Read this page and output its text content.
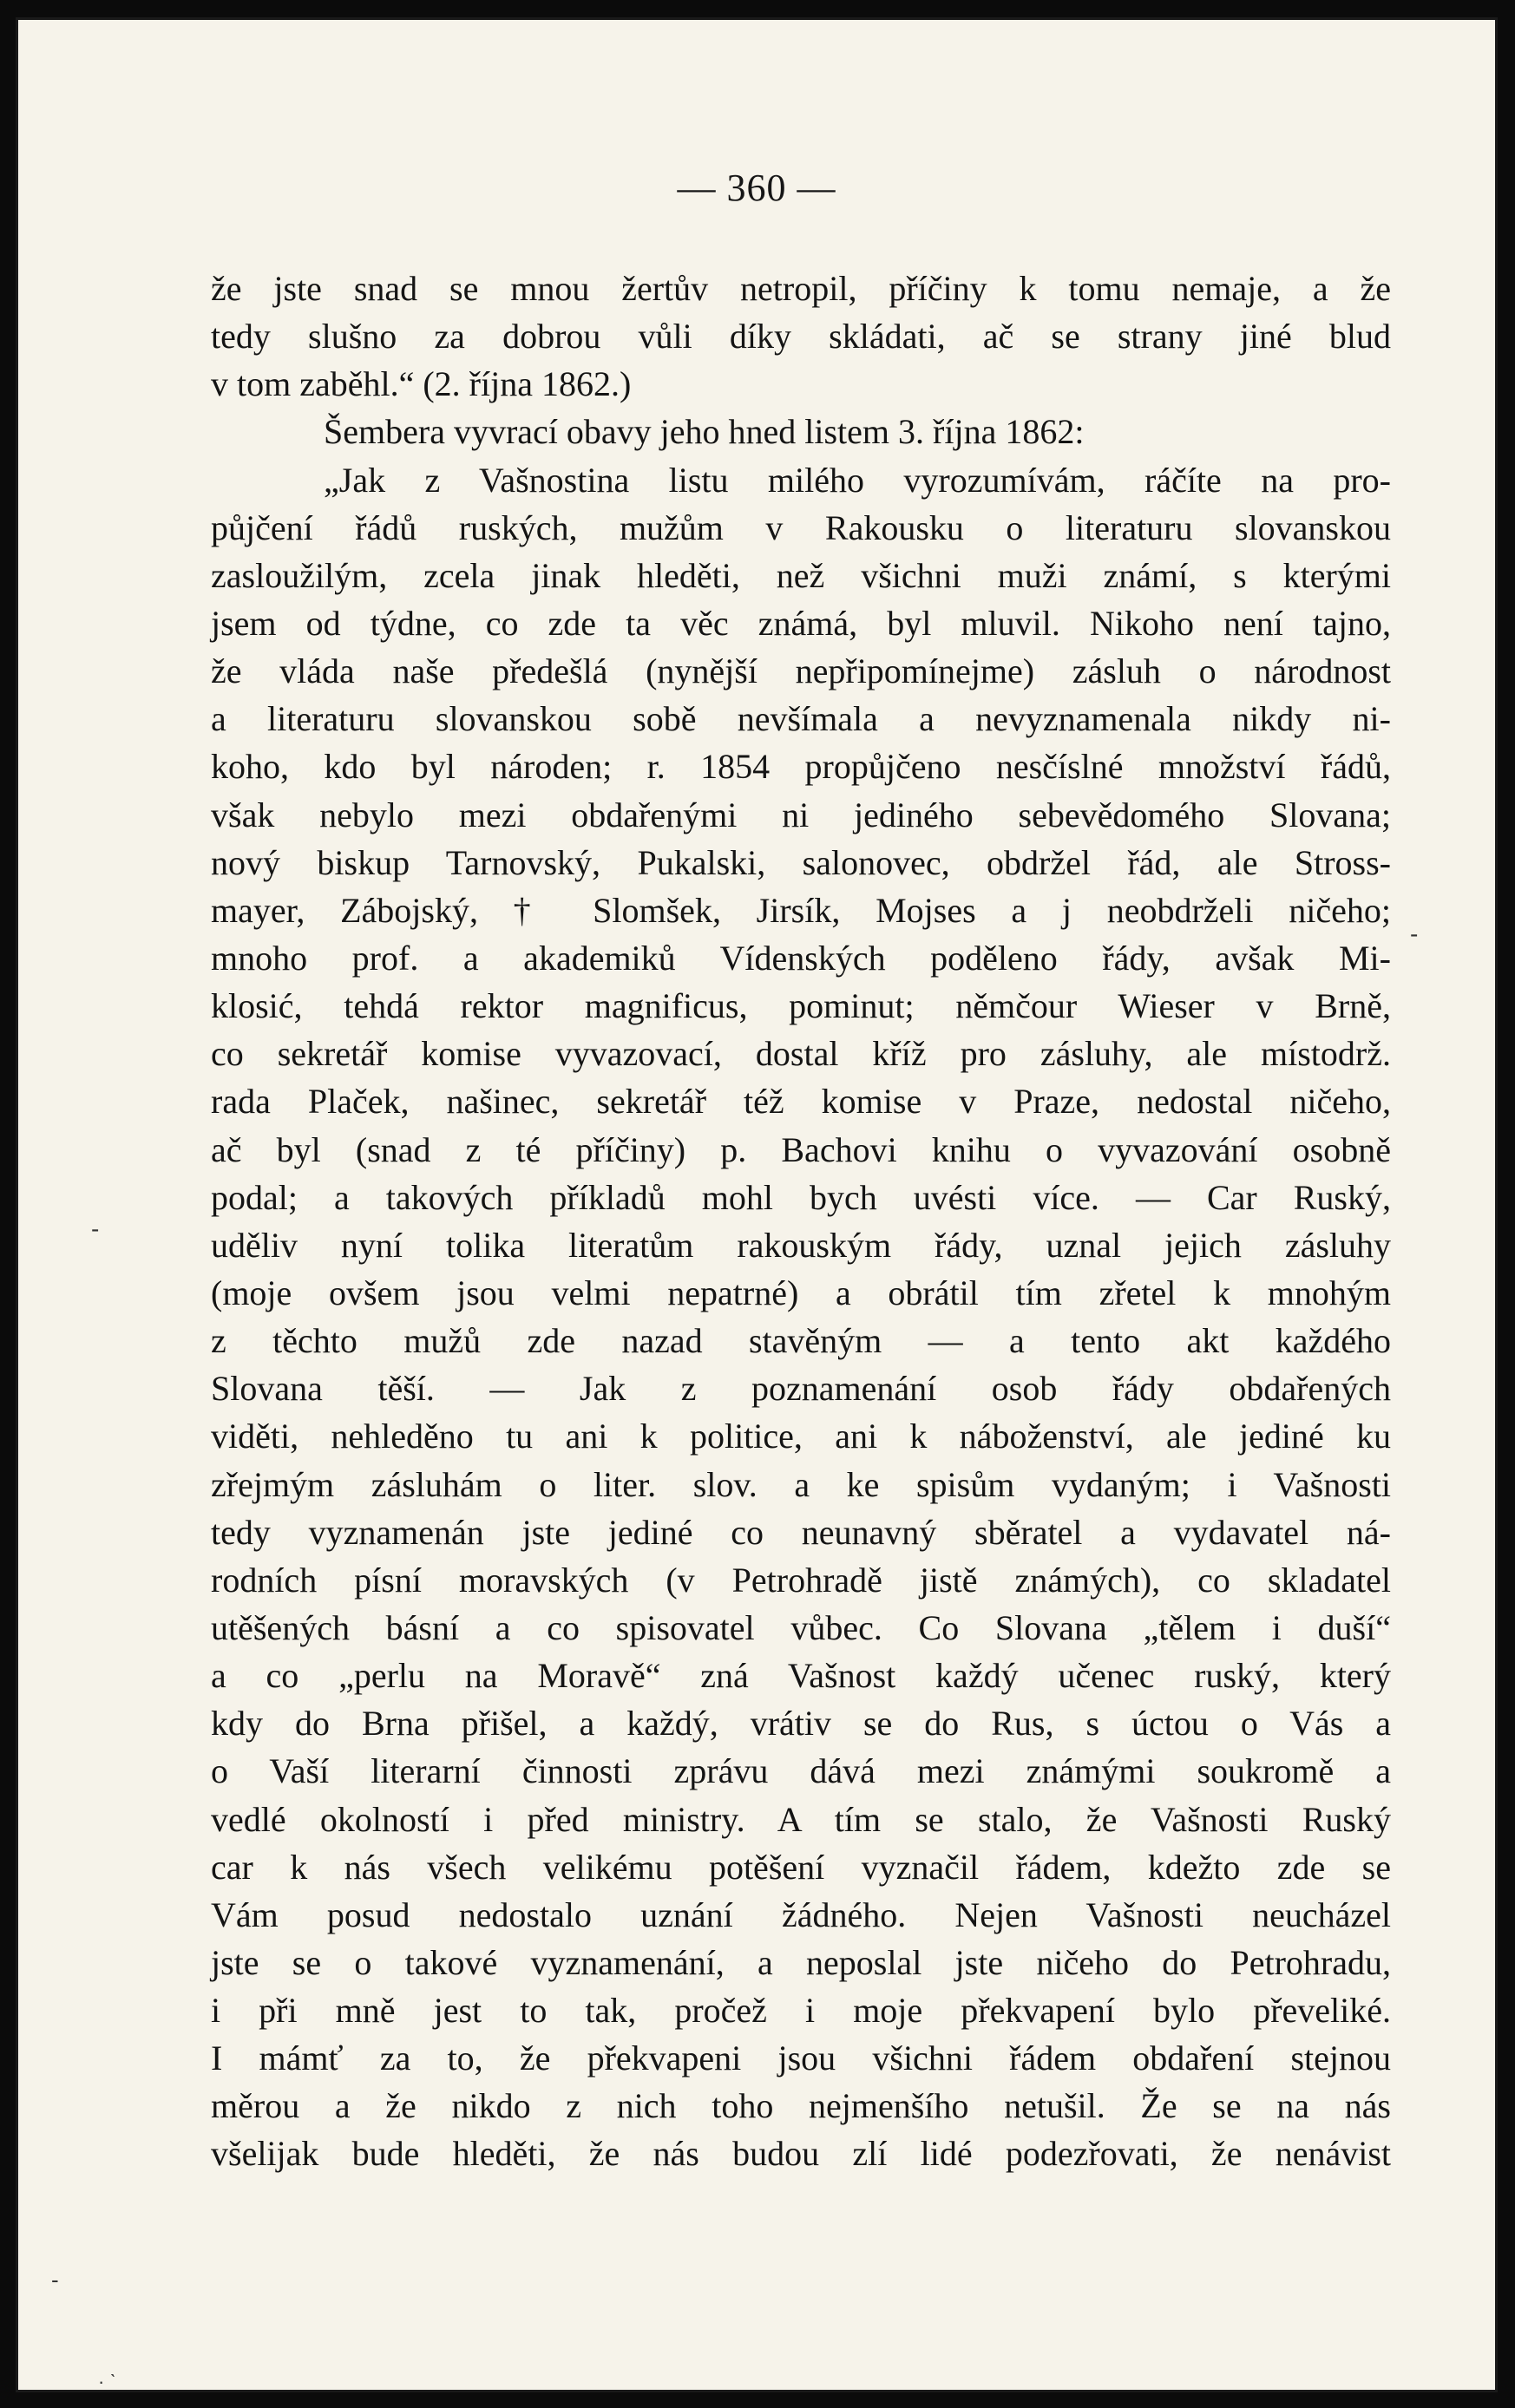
— 360 —
že jste snad se mnou žertův netropil, příčiny k tomu nemaje, a že
tedy slušno za dobrou vůli díky skládati, ač se strany jiné blud
v tom zaběhl.“ (2. října 1862.)
Šembera vyvrací obavy jeho hned listem 3. října 1862:
„Jak z Vašnostina listu milého vyrozumívám, ráčíte na pro-
půjčení řádů ruských, mužům v Rakousku o literaturu slovanskou
zasloužilým, zcela jinak hleděti, než všichni muži známí, s kterými
jsem od týdne, co zde ta věc známá, byl mluvil. Nikoho není tajno,
že vláda naše předešlá (nynější nepřipomínejme) zásluh o národnost
a literaturu slovanskou sobě nevšímala a nevyznamenala nikdy ni-
koho, kdo byl národen; r. 1854 propůjčeno nesčíslné množství řádů,
však nebylo mezi obdařenými ni jediného sebevědomého Slovana;
nový biskup Tarnovský, Pukalski, salonovec, obdržel řád, ale Stross-
mayer, Zábojský, † Slomšek, Jirsík, Mojses a j neobdrželi ničeho;
mnoho prof. a akademiků Vídenských poděleno řády, avšak Mi-
klosić, tehdá rektor magnificus, pominut; němčour Wieser v Brně,
co sekretář komise vyvazovací, dostal kříž pro zásluhy, ale místodrž.
rada Plaček, našinec, sekretář též komise v Praze, nedostal ničeho,
ač byl (snad z té příčiny) p. Bachovi knihu o vyvazování osobně
podal; a takových příkladů mohl bych uvésti více. — Car Ruský,
uděliv nyní tolika literatům rakouským řády, uznal jejich zásluhy
(moje ovšem jsou velmi nepatrné) a obrátil tím zřetel k mnohým
z těchto mužů zde nazad stavěným — a tento akt každého
Slovana těší. — Jak z poznamenání osob řády obdařených
viděti, nehleděno tu ani k politice, ani k náboženství, ale jediné ku
zřejmým zásluhám o liter. slov. a ke spisům vydaným; i Vašnosti
tedy vyznamenán jste jediné co neunavný sběratel a vydavatel ná-
rodních písní moravských (v Petrohradě jistě známých), co skladatel
utěšených básní a co spisovatel vůbec. Co Slovana „tělem i duší“
a co „perlu na Moravě“ zná Vašnost každý učenec ruský, který
kdy do Brna přišel, a každý, vrátiv se do Rus, s úctou o Vás a
o Vaší literarní činnosti zprávu dává mezi známými soukromě a
vedlé okolností i před ministry. A tím se stalo, že Vašnosti Ruský
car k nás všech velikému potěšení vyznačil řádem, kdežto zde se
Vám posud nedostalo uznání žádného. Nejen Vašnosti neucházel
jste se o takové vyznamenání, a neposlal jste ničeho do Petrohradu,
i při mně jest to tak, pročež i moje překvapení bylo převeliké.
I mámť za to, že překvapeni jsou všichni řádem obdaření stejnou
měrou a že nikdo z nich toho nejmenšího netušil. Že se na nás
všelijak bude hleděti, že nás budou zlí lidé podezřovati, že nenávist
-
-
-
· ˋ
